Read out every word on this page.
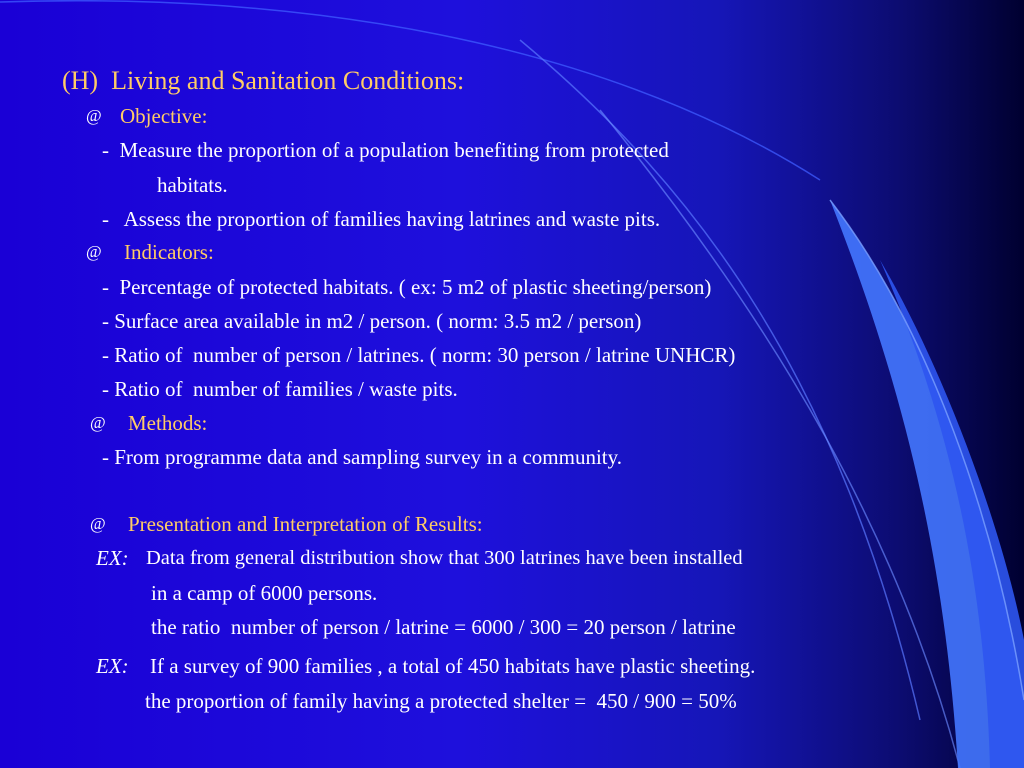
(H)  Living and Sanitation Conditions:
@ Objective:
-  Measure the proportion of a population benefiting from protected
habitats.
-   Assess the proportion of families having latrines and waste pits.
@ Indicators:
-  Percentage of protected habitats. ( ex: 5 m2 of plastic sheeting/person)
- Surface area available in m2 / person. ( norm: 3.5 m2 / person)
- Ratio of  number of person / latrines. ( norm: 30 person / latrine UNHCR)
- Ratio of  number of families / waste pits.
@ Methods:
- From programme data and sampling survey in a community.
@ Presentation and Interpretation of Results:
EX: Data from general distribution show that 300 latrines have been installed
in a camp of 6000 persons.
the ratio  number of person / latrine = 6000 / 300 = 20 person / latrine
EX: If a survey of 900 families , a total of 450 habitats have plastic sheeting.
the proportion of family having a protected shelter =  450 / 900 = 50%
